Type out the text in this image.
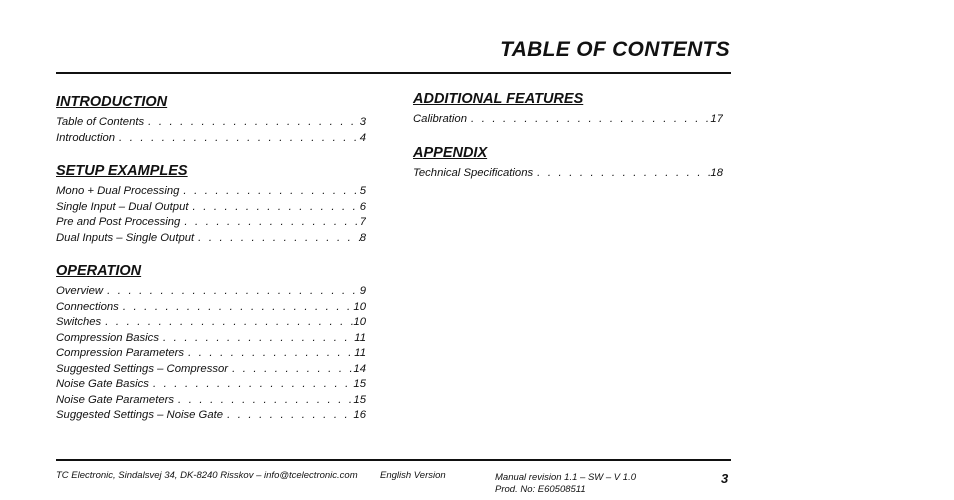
TABLE OF CONTENTS
INTRODUCTION
Table of Contents . . .	3
Introduction . . .	4
SETUP EXAMPLES
Mono + Dual Processing . . .	5
Single Input – Dual Output . . .	6
Pre and Post Processing . . .	7
Dual Inputs – Single Output . . .	8
OPERATION
Overview . . .	9
Connections . . .	10
Switches . . .	10
Compression Basics . . .	11
Compression Parameters . . .	11
Suggested Settings – Compressor . . .	14
Noise Gate Basics . . .	15
Noise Gate Parameters . . .	15
Suggested Settings – Noise Gate . . .	16
ADDITIONAL FEATURES
Calibration . . .	17
APPENDIX
Technical Specifications . . .	18
TC Electronic, Sindalsvej 34, DK-8240 Risskov – info@tcelectronic.com English Version	Manual revision 1.1 – SW – V 1.0
Prod. No: E60508511
3
